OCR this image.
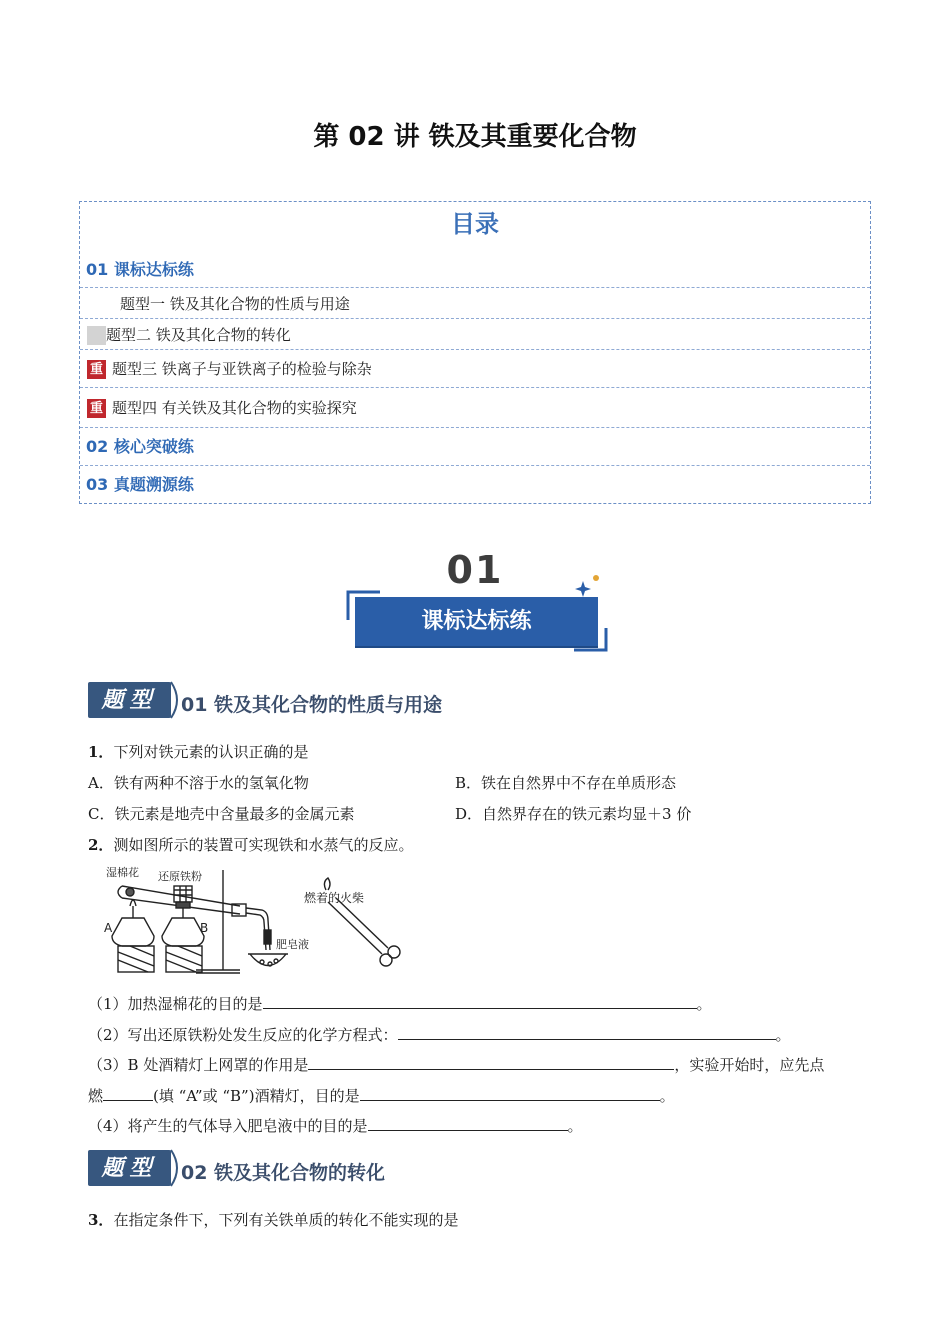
第 02 讲 铁及其重要化合物
目录
01 课标达标练
题型一 铁及其化合物的性质与用途
题型二 铁及其化合物的转化
重 题型三 铁离子与亚铁离子的检验与除杂
重 题型四 有关铁及其化合物的实验探究
02 核心突破练
03 真题溯源练
01
课标达标练
题型	01 铁及其化合物的性质与用途
1．下列对铁元素的认识正确的是
A．铁有两种不溶于水的氢氧化物	B．铁在自然界中不存在单质形态
C．铁元素是地壳中含量最多的金属元素	D．自然界存在的铁元素均显＋3 价
2．测如图所示的装置可实现铁和水蒸气的反应。
湿棉花 还原铁粉
燃着的火柴
肥皂液
A	B
（1）加热湿棉花的目的是	。
（2）写出还原铁粉处发生反应的化学方程式：	。
（3）B 处酒精灯上网罩的作用是	，实验开始时，应先点
燃	(填 “A”或 “B”)酒精灯，目的是	。
（4）将产生的气体导入肥皂液中的目的是	。
题型	02 铁及其化合物的转化
3．在指定条件下，下列有关铁单质的转化不能实现的是
